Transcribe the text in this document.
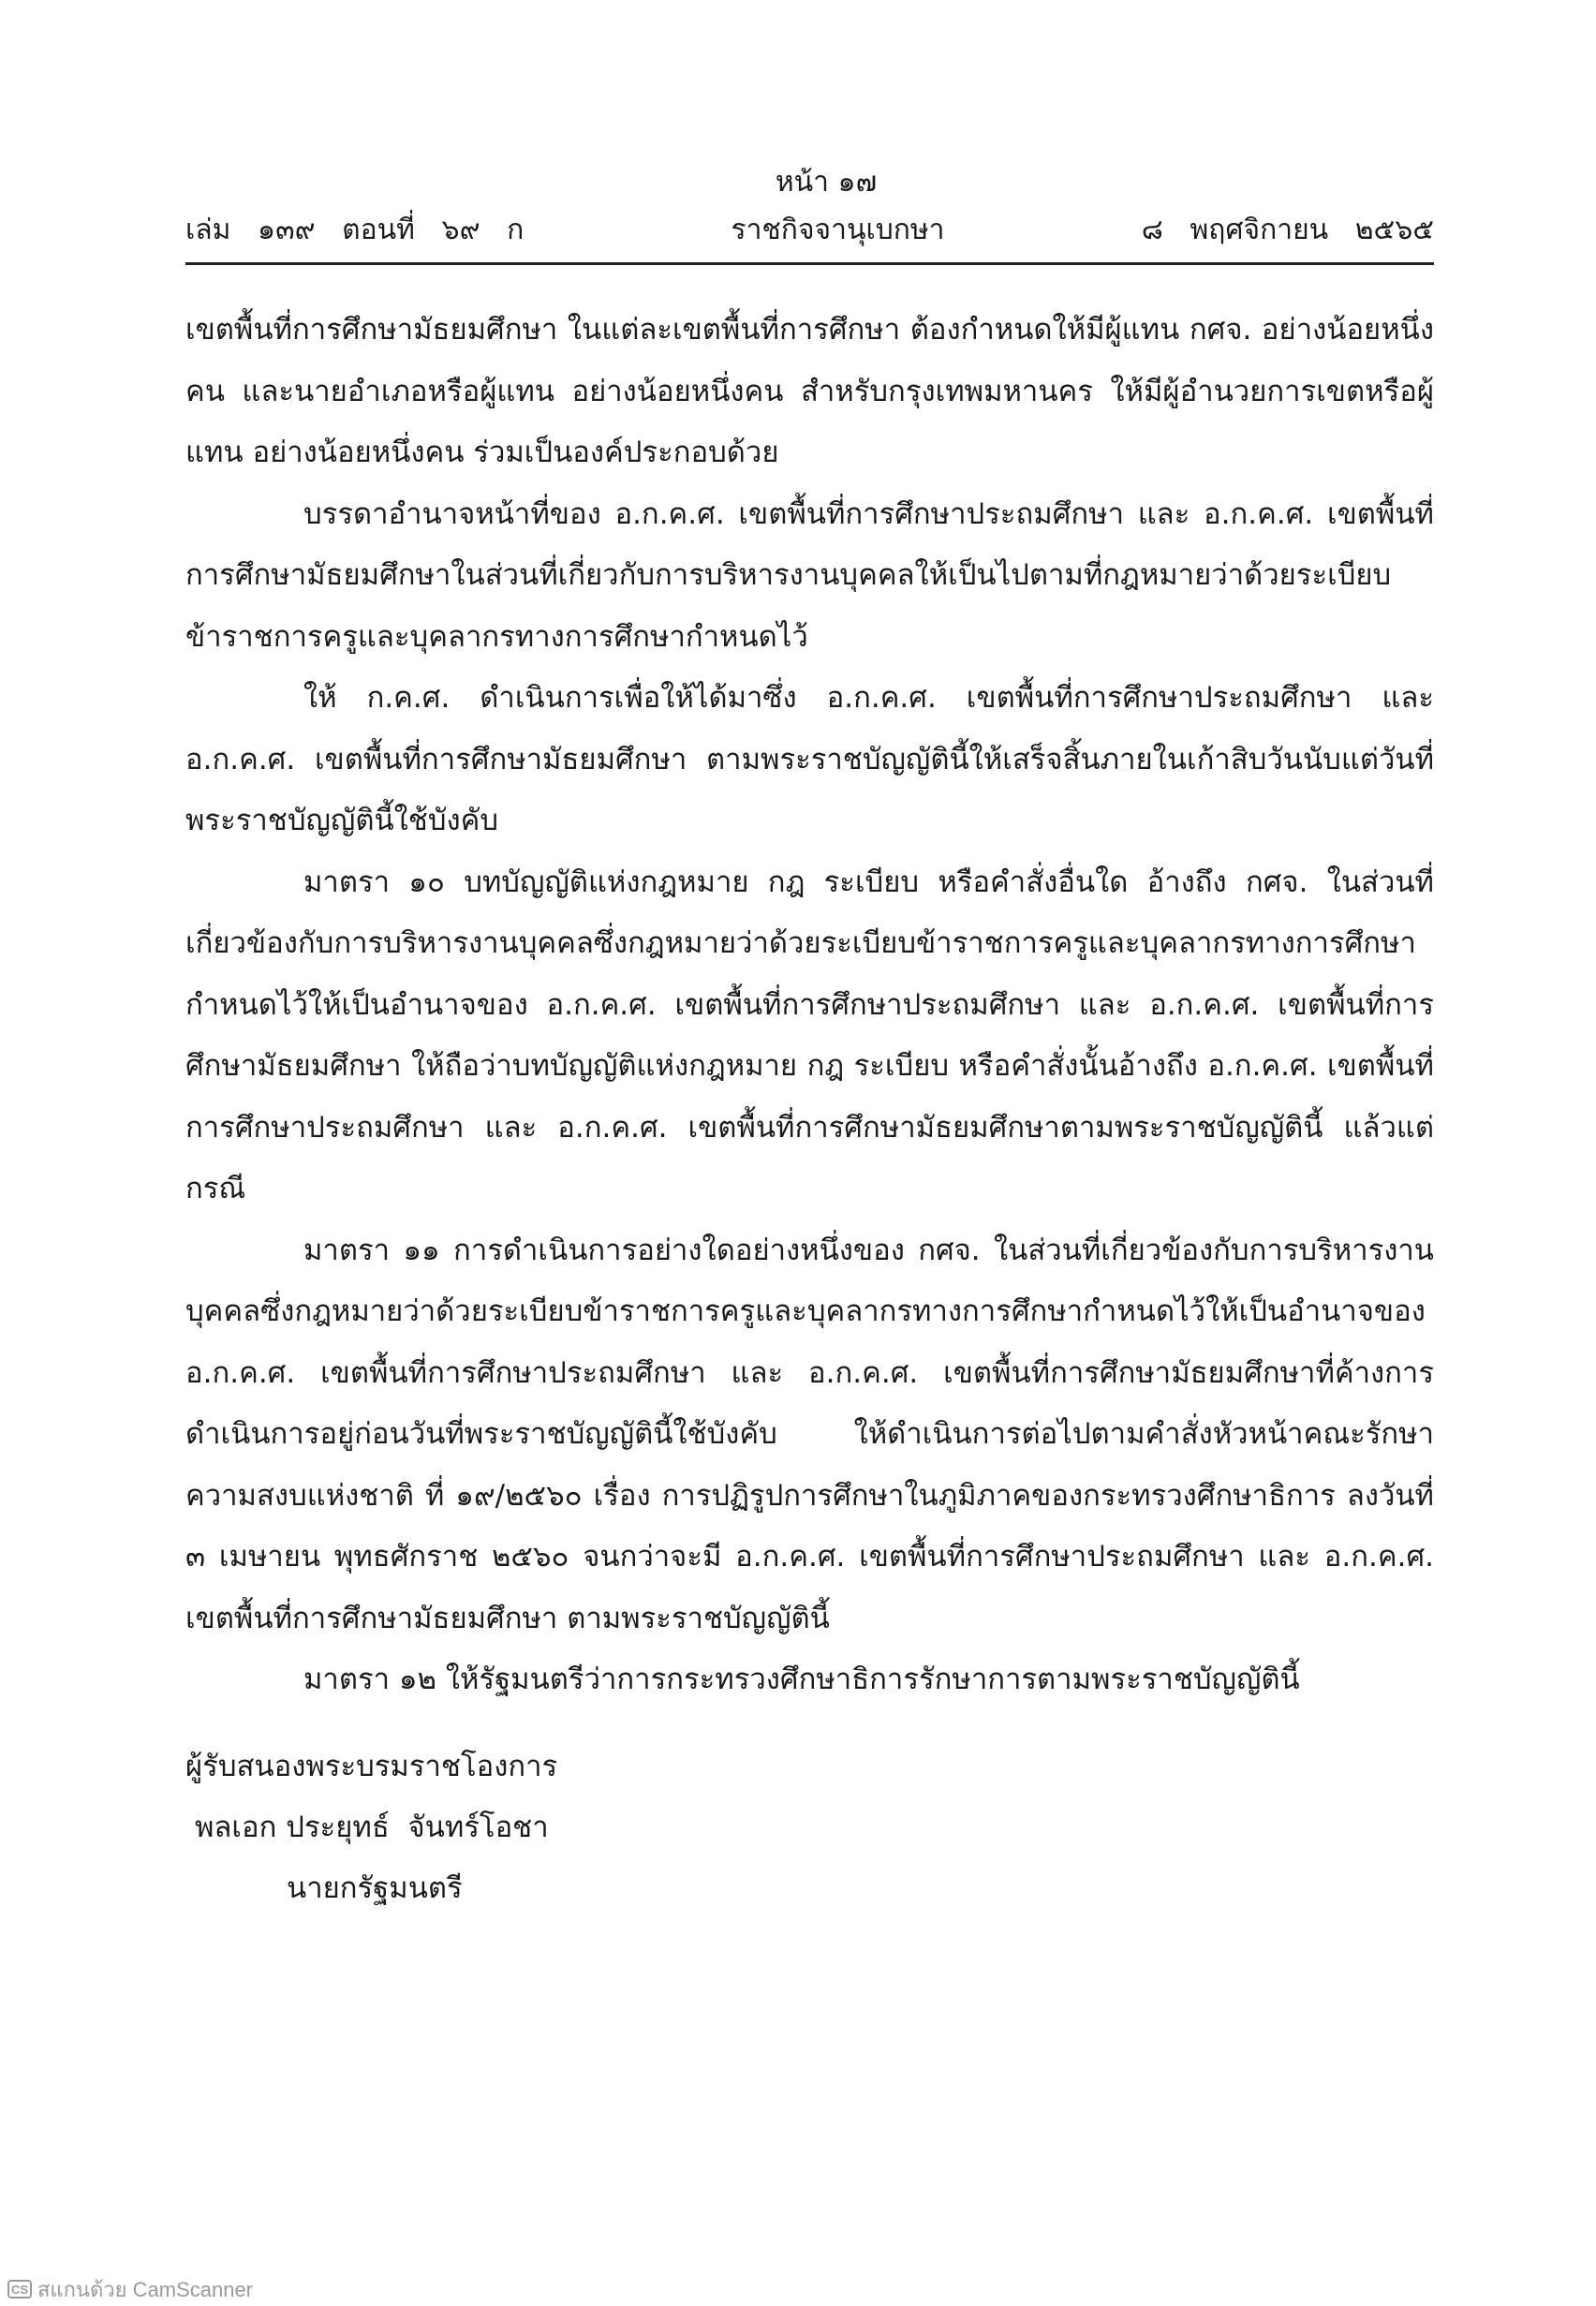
หน้า ๑๗
เล่ม   ๑๓๙   ตอนที่   ๖๙   ก	ราชกิจจานุเบกษา	๘   พฤศจิกายน   ๒๕๖๕

เขตพื้นที่การศึกษามัธยมศึกษา ในแต่ละเขตพื้นที่การศึกษา ต้องกำหนดให้มีผู้แทน กศจ. อย่างน้อยหนึ่งคน และนายอำเภอหรือผู้แทน อย่างน้อยหนึ่งคน สำหรับกรุงเทพมหานคร ให้มีผู้อำนวยการเขตหรือผู้แทน อย่างน้อยหนึ่งคน ร่วมเป็นองค์ประกอบด้วย

บรรดาอำนาจหน้าที่ของ อ.ก.ค.ศ. เขตพื้นที่การศึกษาประถมศึกษา และ อ.ก.ค.ศ. เขตพื้นที่การศึกษามัธยมศึกษาในส่วนที่เกี่ยวกับการบริหารงานบุคคลให้เป็นไปตามที่กฎหมายว่าด้วยระเบียบข้าราชการครูและบุคลากรทางการศึกษากำหนดไว้

ให้ ก.ค.ศ. ดำเนินการเพื่อให้ได้มาซึ่ง อ.ก.ค.ศ. เขตพื้นที่การศึกษาประถมศึกษา และ อ.ก.ค.ศ. เขตพื้นที่การศึกษามัธยมศึกษา ตามพระราชบัญญัตินี้ให้เสร็จสิ้นภายในเก้าสิบวันนับแต่วันที่พระราชบัญญัตินี้ใช้บังคับ

มาตรา ๑๐ บทบัญญัติแห่งกฎหมาย กฎ ระเบียบ หรือคำสั่งอื่นใด อ้างถึง กศจ. ในส่วนที่เกี่ยวข้องกับการบริหารงานบุคคลซึ่งกฎหมายว่าด้วยระเบียบข้าราชการครูและบุคลากรทางการศึกษากำหนดไว้ให้เป็นอำนาจของ อ.ก.ค.ศ. เขตพื้นที่การศึกษาประถมศึกษา และ อ.ก.ค.ศ. เขตพื้นที่การศึกษามัธยมศึกษา ให้ถือว่าบทบัญญัติแห่งกฎหมาย กฎ ระเบียบ หรือคำสั่งนั้นอ้างถึง อ.ก.ค.ศ. เขตพื้นที่การศึกษาประถมศึกษา และ อ.ก.ค.ศ. เขตพื้นที่การศึกษามัธยมศึกษาตามพระราชบัญญัตินี้ แล้วแต่กรณี

มาตรา ๑๑ การดำเนินการอย่างใดอย่างหนึ่งของ กศจ. ในส่วนที่เกี่ยวข้องกับการบริหารงานบุคคลซึ่งกฎหมายว่าด้วยระเบียบข้าราชการครูและบุคลากรทางการศึกษากำหนดไว้ให้เป็นอำนาจของ อ.ก.ค.ศ. เขตพื้นที่การศึกษาประถมศึกษา และ อ.ก.ค.ศ. เขตพื้นที่การศึกษามัธยมศึกษาที่ค้างการดำเนินการอยู่ก่อนวันที่พระราชบัญญัตินี้ใช้บังคับ ให้ดำเนินการต่อไปตามคำสั่งหัวหน้าคณะรักษาความสงบแห่งชาติ ที่ ๑๙/๒๕๖๐ เรื่อง การปฏิรูปการศึกษาในภูมิภาคของกระทรวงศึกษาธิการ ลงวันที่ ๓ เมษายน พุทธศักราช ๒๕๖๐ จนกว่าจะมี อ.ก.ค.ศ. เขตพื้นที่การศึกษาประถมศึกษา และ อ.ก.ค.ศ. เขตพื้นที่การศึกษามัธยมศึกษา ตามพระราชบัญญัตินี้

มาตรา ๑๒ ให้รัฐมนตรีว่าการกระทรวงศึกษาธิการรักษาการตามพระราชบัญญัตินี้

ผู้รับสนองพระบรมราชโองการ
พลเอก ประยุทธ์  จันทร์โอชา
นายกรัฐมนตรี
CS สแกนด้วย CamScanner
